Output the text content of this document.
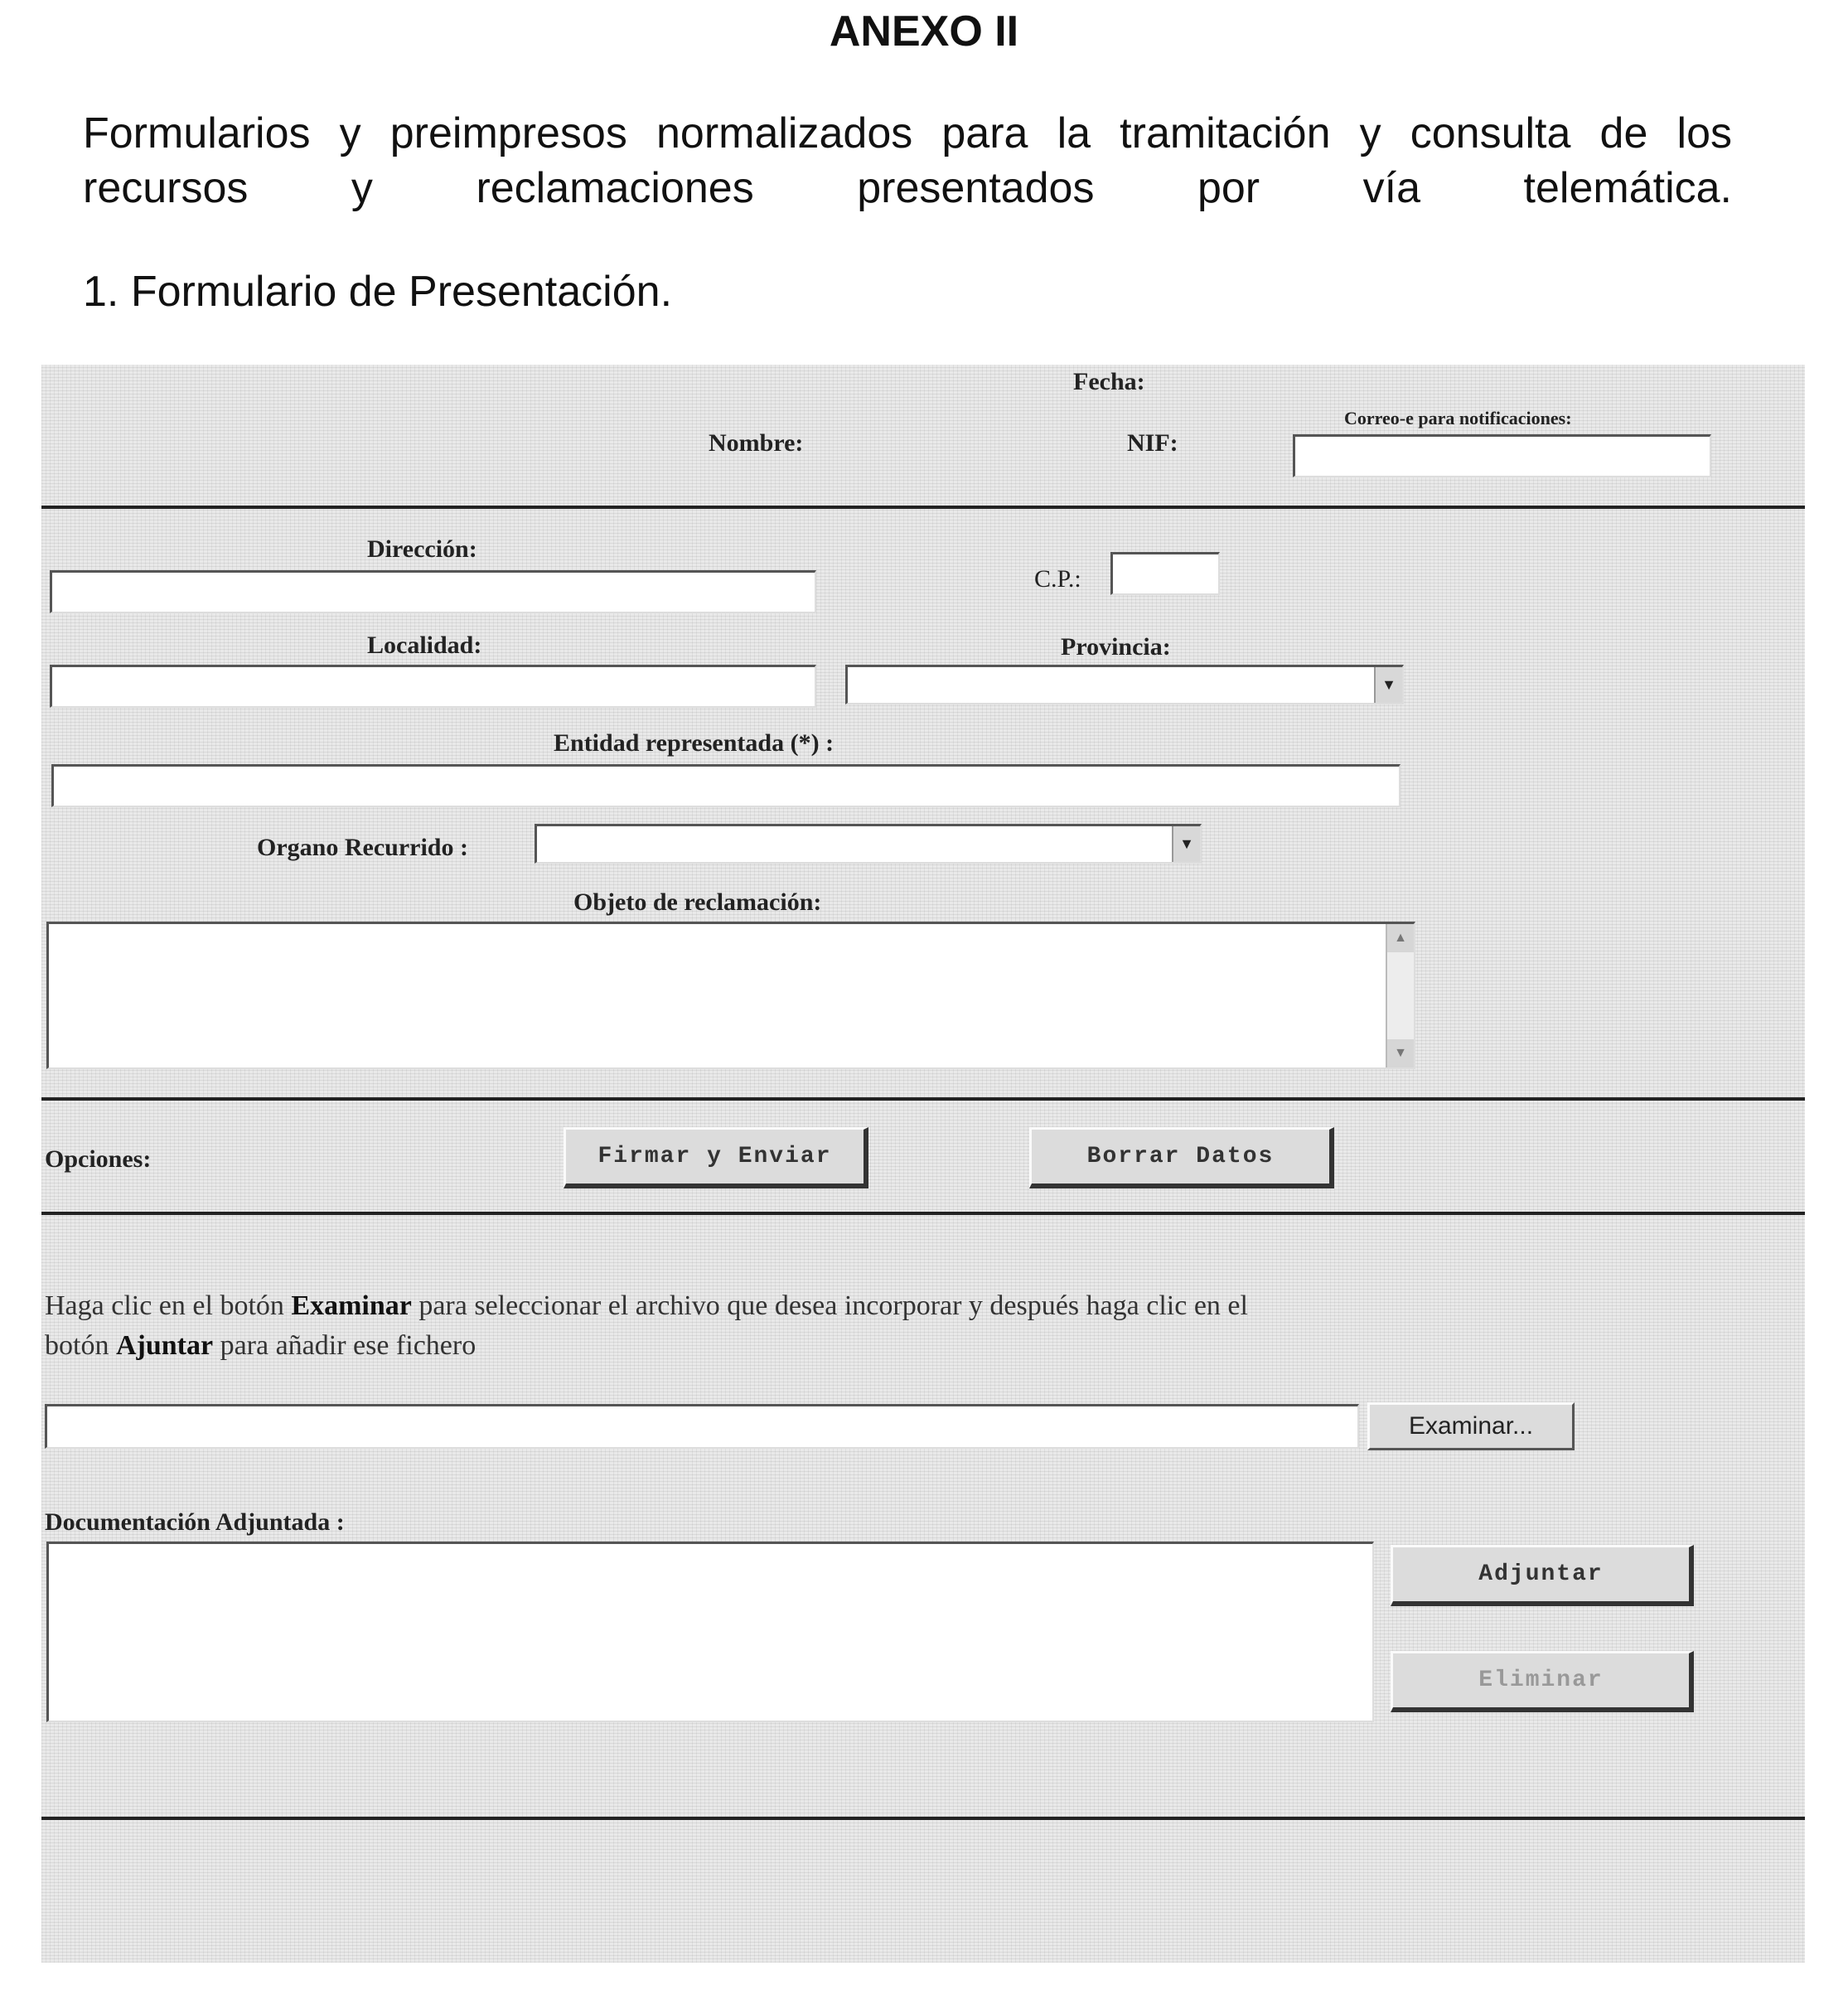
ANEXO II
Formularios y preimpresos normalizados para la tramitación y consulta de los recursos y reclamaciones presentados por vía telemática.
1. Formulario de Presentación.
Fecha:
Nombre:	NIF:
Correo-e para notificaciones:
Dirección:
C.P.:
Localidad:	Provincia:
▼
Entidad representada (*) :
Organo Recurrido :	▼
Objeto de reclamación:
▲
▼
Opciones:	Firmar y Enviar	Borrar Datos
Haga clic en el botón Examinar para seleccionar el archivo que desea incorporar y después haga clic en el
botón Ajuntar para añadir ese fichero
Examinar...
Documentación Adjuntada :
Adjuntar
Eliminar
